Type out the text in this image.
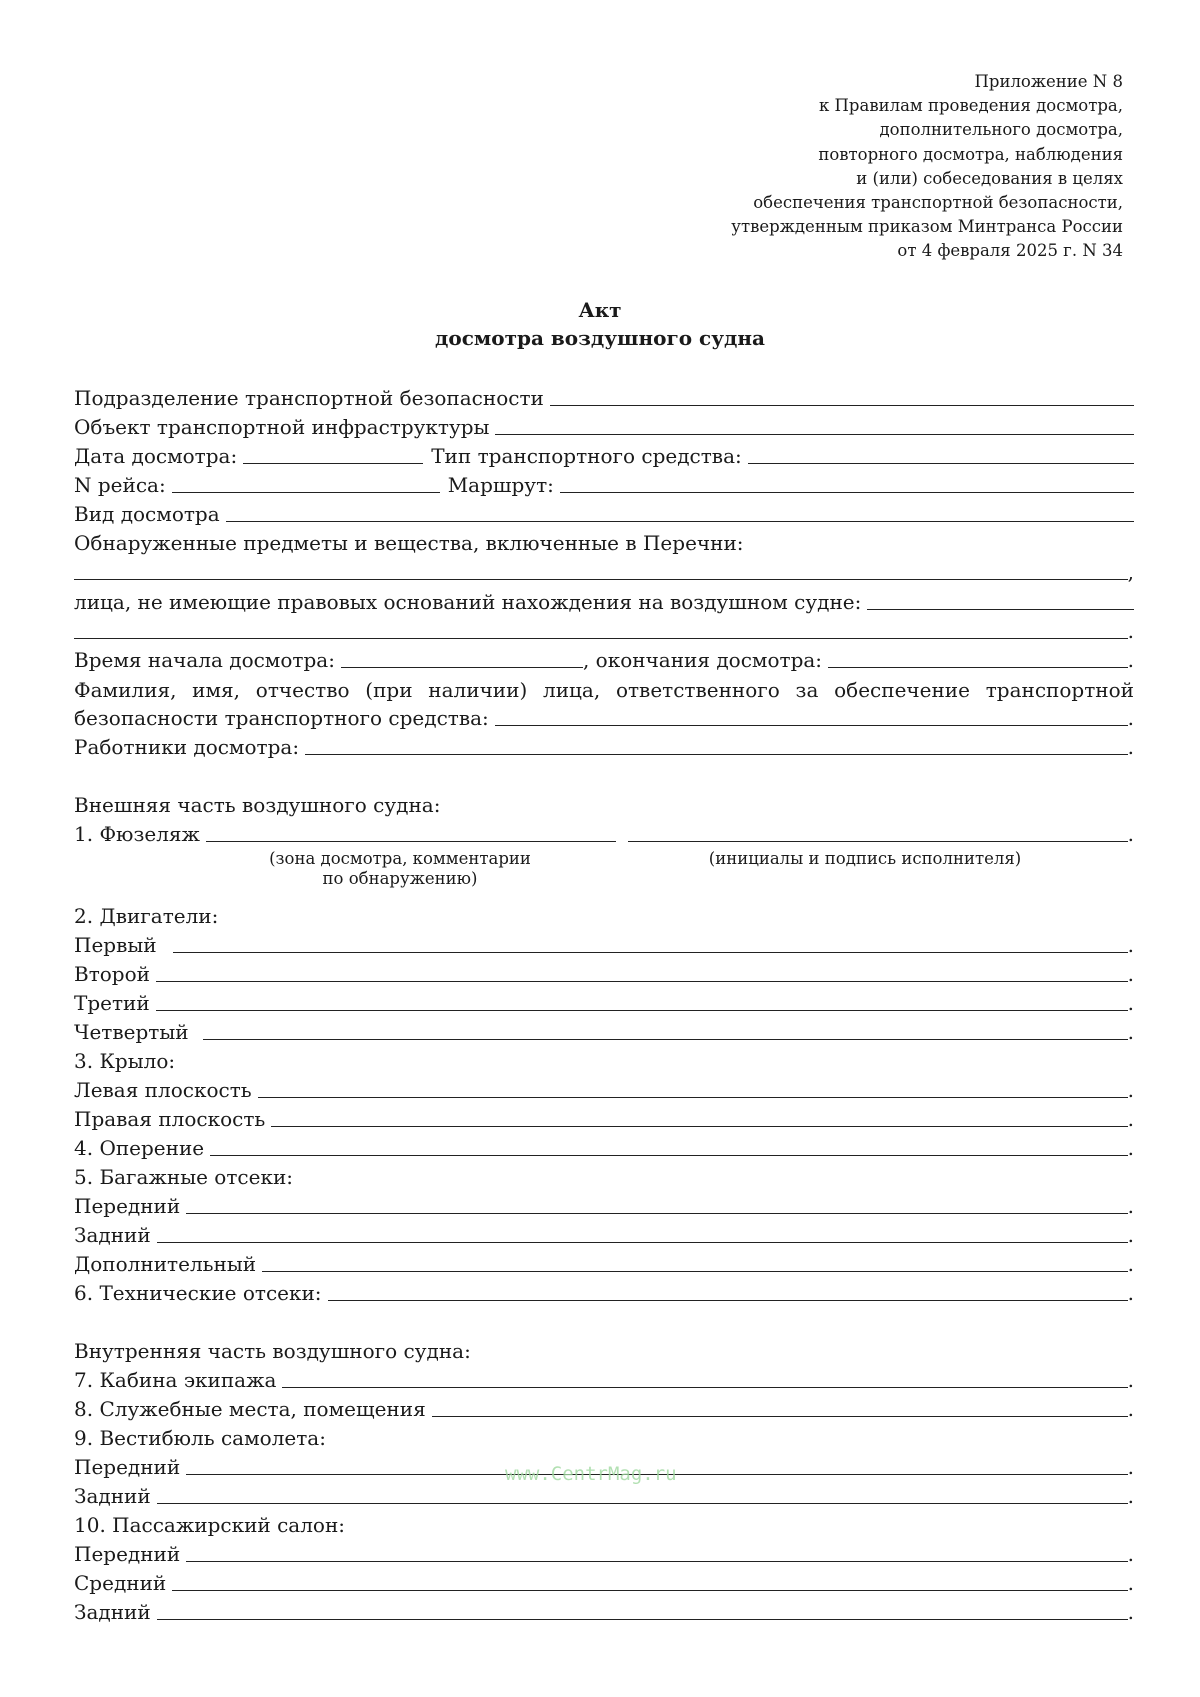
Приложение N 8
к Правилам проведения досмотра,
дополнительного досмотра,
повторного досмотра, наблюдения
и (или) собеседования в целях
обеспечения транспортной безопасности,
утвержденным приказом Минтранса России
от 4 февраля 2025 г. N 34
Акт
досмотра воздушного судна
Подразделение транспортной безопасности
Объект транспортной инфраструктуры
Дата досмотра:	Тип транспортного средства:
N рейса:	Маршрут:
Вид досмотра
Обнаруженные предметы и вещества, включенные в Перечни:
,
лица, не имеющие правовых оснований нахождения на воздушном судне:
.
Время начала досмотра:	, окончания досмотра:	.
Фамилия, имя, отчество (при наличии) лица, ответственного за обеспечение транспортной
безопасности транспортного средства:	.
Работники досмотра:	.
Внешняя часть воздушного судна:
1. Фюзеляж	.
(зона досмотра, комментарии
по обнаружению)
(инициалы и подпись исполнителя)
2. Двигатели:
Первый	.
Второй	.
Третий	.
Четвертый	.
3. Крыло:
Левая плоскость	.
Правая плоскость	.
4. Оперение	.
5. Багажные отсеки:
Передний	.
Задний	.
Дополнительный	.
6. Технические отсеки:	.
Внутренняя часть воздушного судна:
7. Кабина экипажа	.
8. Служебные места, помещения	.
9. Вестибюль самолета:
Передний	.
Задний	.
10. Пассажирский салон:
Передний	.
Средний	.
Задний	.
www.CentrMag.ru
